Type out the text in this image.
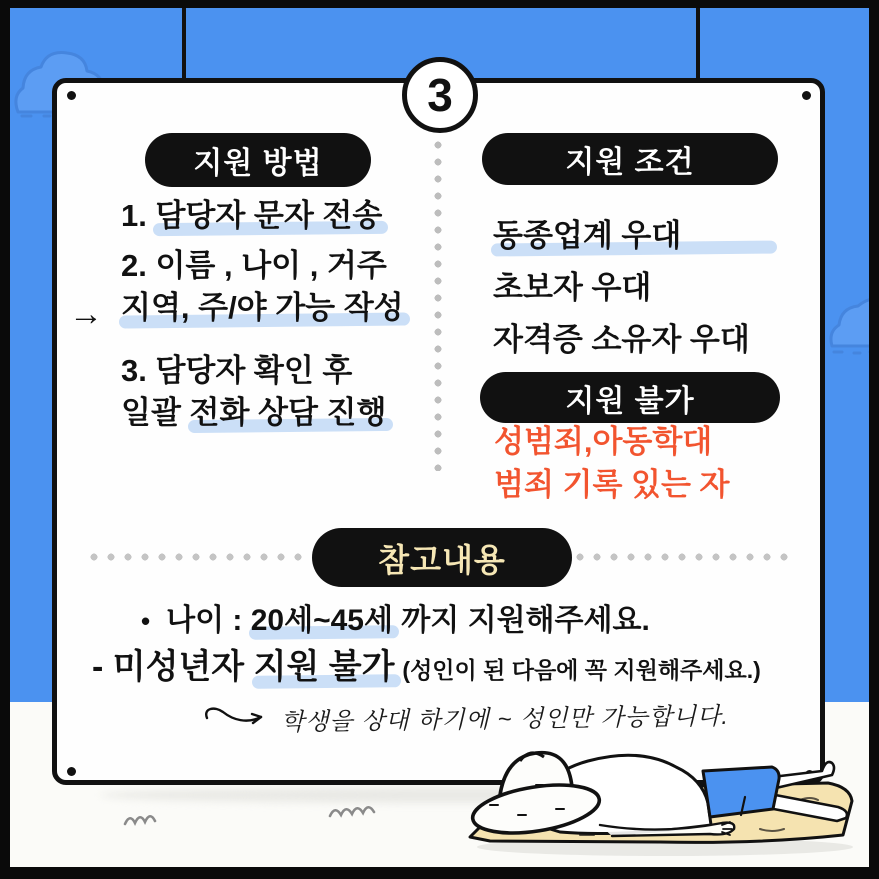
지원 방법
→
1. 담당자 문자 전송
2. 이름 , 나이 , 거주
지역, 주/야 가능 작성
3. 담당자 확인 후
일괄 전화 상담 진행
지원 조건
동종업계 우대
초보자 우대
자격증 소유자 우대
지원 불가
성범죄,아동학대
범죄 기록 있는 자
참고내용
• 나이 : 20세~45세 까지 지원해주세요.
- 미성년자 지원 불가 (성인이 된 다음에 꼭 지원해주세요.)
학생을 상대 하기에 ~ 성인만 가능합니다.
3
